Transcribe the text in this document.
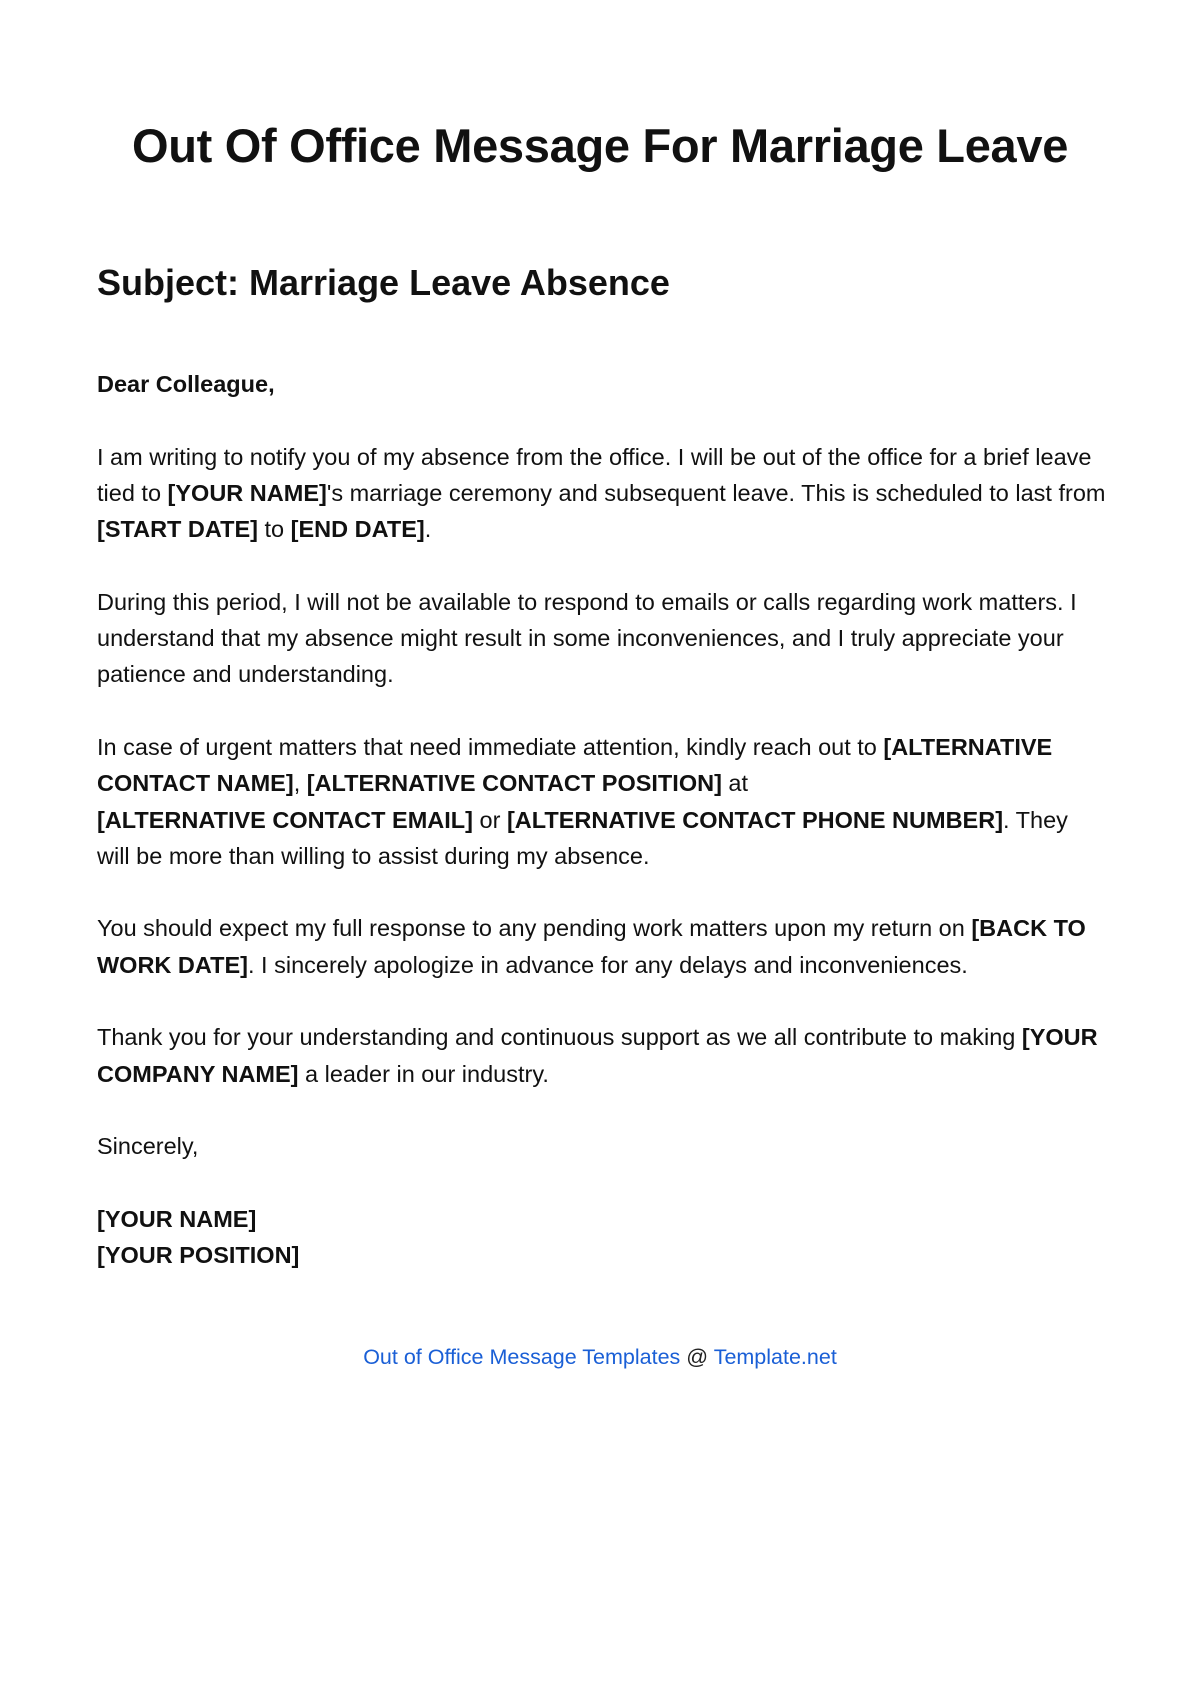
Out Of Office Message For Marriage Leave
Subject: Marriage Leave Absence

Dear Colleague,

I am writing to notify you of my absence from the office. I will be out of the office for a brief leave tied to [YOUR NAME]'s marriage ceremony and subsequent leave. This is scheduled to last from [START DATE] to [END DATE].

During this period, I will not be available to respond to emails or calls regarding work matters. I understand that my absence might result in some inconveniences, and I truly appreciate your patience and understanding.

In case of urgent matters that need immediate attention, kindly reach out to [ALTERNATIVE CONTACT NAME], [ALTERNATIVE CONTACT POSITION] at
[ALTERNATIVE CONTACT EMAIL] or [ALTERNATIVE CONTACT PHONE NUMBER]. They will be more than willing to assist during my absence.

You should expect my full response to any pending work matters upon my return on [BACK TO WORK DATE]. I sincerely apologize in advance for any delays and inconveniences.

Thank you for your understanding and continuous support as we all contribute to making [YOUR COMPANY NAME] a leader in our industry.

Sincerely,

[YOUR NAME]
[YOUR POSITION]

Out of Office Message Templates @ Template.net
